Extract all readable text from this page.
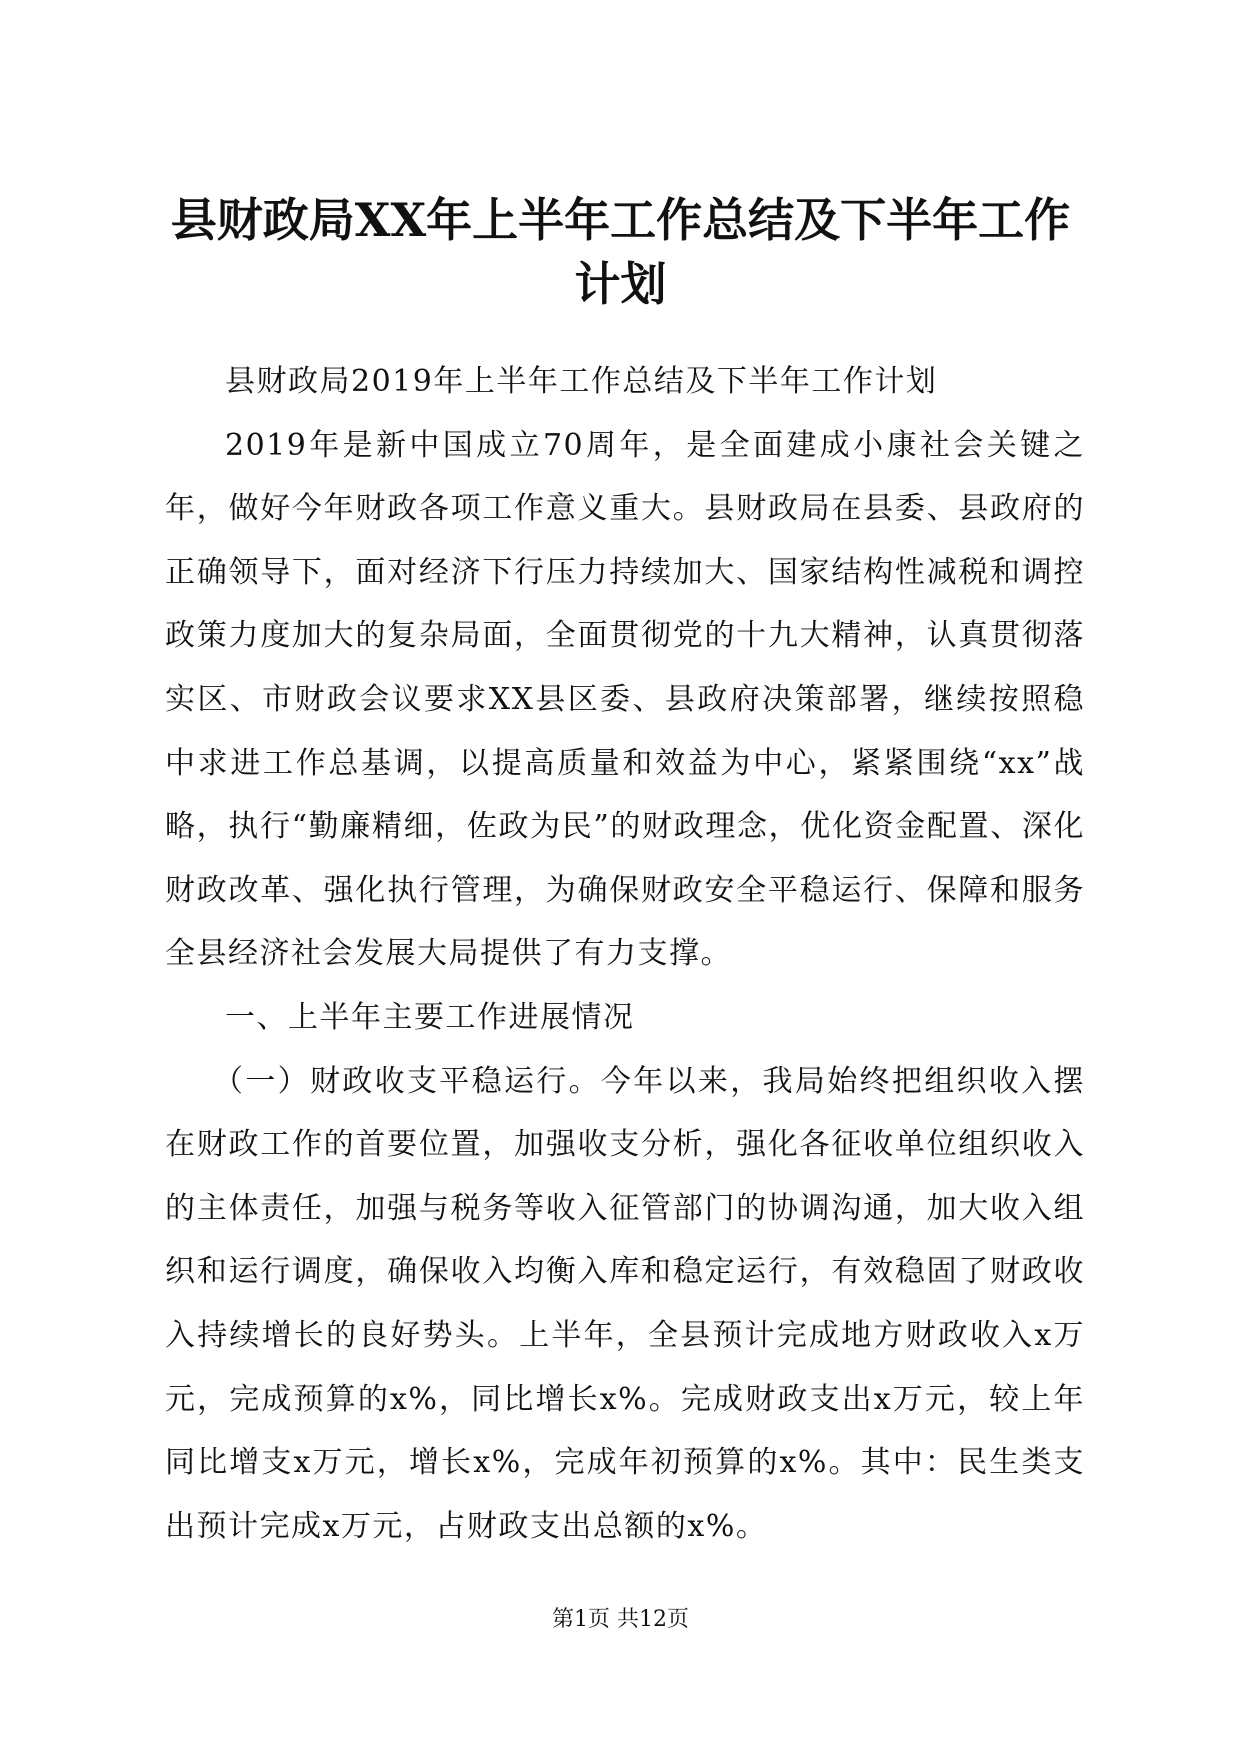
县财政局XX年上半年工作总结及下半年工作计划

县财政局2019年上半年工作总结及下半年工作计划

2019年是新中国成立70周年，是全面建成小康社会关键之年，做好今年财政各项工作意义重大。县财政局在县委、县政府的正确领导下，面对经济下行压力持续加大、国家结构性减税和调控政策力度加大的复杂局面，全面贯彻党的十九大精神，认真贯彻落实区、市财政会议要求XX县区委、县政府决策部署，继续按照稳中求进工作总基调，以提高质量和效益为中心，紧紧围绕“xx”战略，执行“勤廉精细，佐政为民”的财政理念，优化资金配置、深化财政改革、强化执行管理，为确保财政安全平稳运行、保障和服务全县经济社会发展大局提供了有力支撑。

一、上半年主要工作进展情况

（一）财政收支平稳运行。今年以来，我局始终把组织收入摆在财政工作的首要位置，加强收支分析，强化各征收单位组织收入的主体责任，加强与税务等收入征管部门的协调沟通，加大收入组织和运行调度，确保收入均衡入库和稳定运行，有效稳固了财政收入持续增长的良好势头。上半年，全县预计完成地方财政收入x万元，完成预算的x%，同比增长x%。完成财政支出x万元，较上年同比增支x万元，增长x%，完成年初预算的x%。其中：民生类支出预计完成x万元，占财政支出总额的x%。

第1页 共12页
